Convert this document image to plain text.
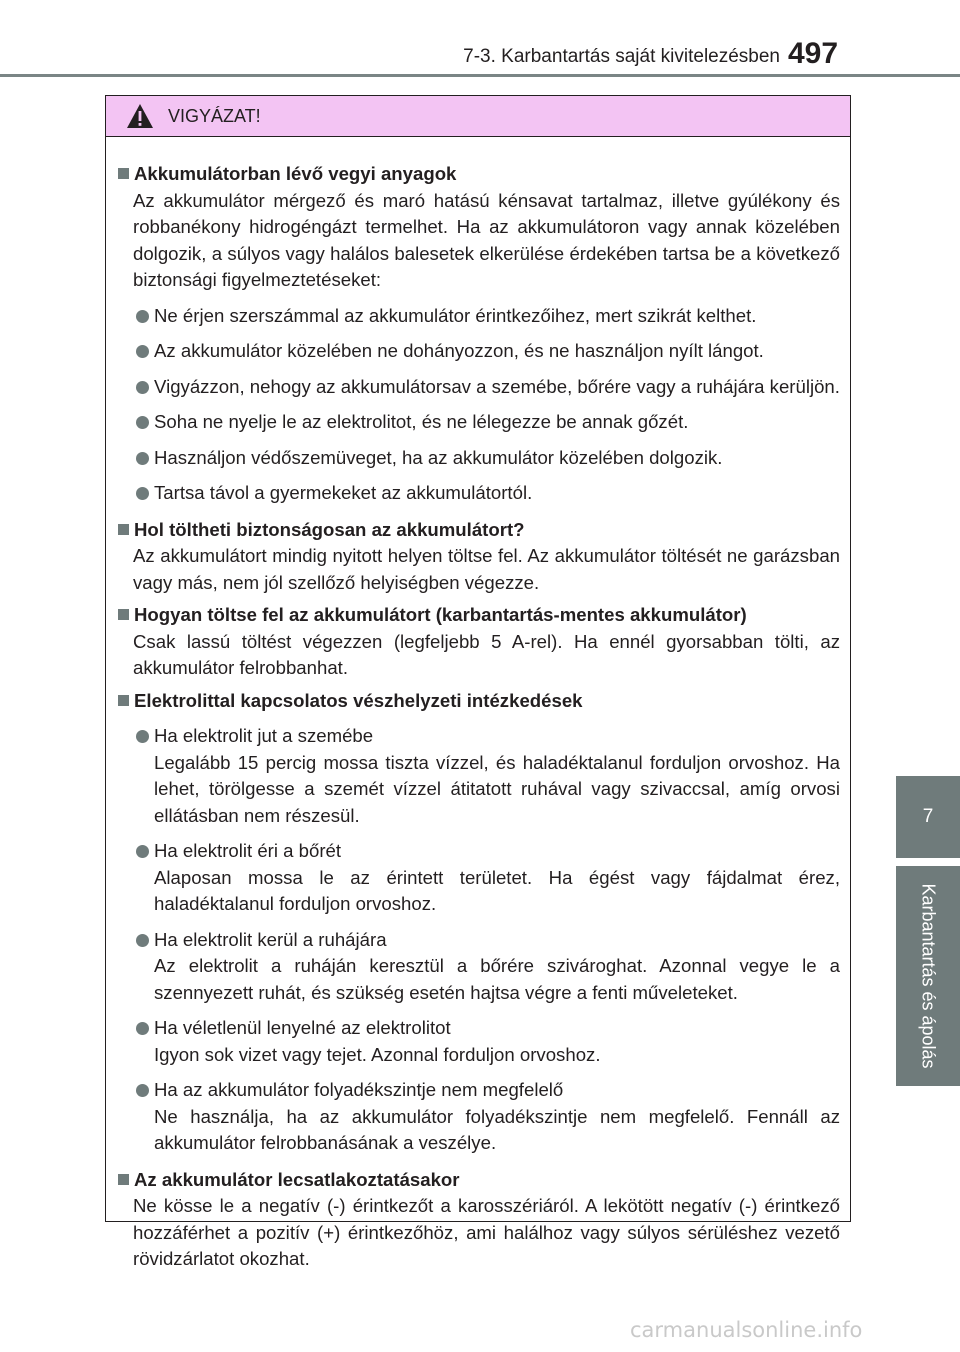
7-3. Karbantartás saját kivitelezésben 497
7
Karbantartás és ápolás
VIGYÁZAT!
Akkumulátorban lévő vegyi anyagok
Az akkumulátor mérgező és maró hatású kénsavat tartalmaz, illetve gyúlékony és robbanékony hidrogéngázt termelhet. Ha az akkumulátoron vagy annak közelében dolgozik, a súlyos vagy halálos balesetek elkerülése érdekében tartsa be a következő biztonsági figyelmeztetéseket:
Ne érjen szerszámmal az akkumulátor érintkezőihez, mert szikrát kelthet.
Az akkumulátor közelében ne dohányozzon, és ne használjon nyílt lángot.
Vigyázzon, nehogy az akkumulátorsav a szemébe, bőrére vagy a ruhájára kerüljön.
Soha ne nyelje le az elektrolitot, és ne lélegezze be annak gőzét.
Használjon védőszemüveget, ha az akkumulátor közelében dolgozik.
Tartsa távol a gyermekeket az akkumulátortól.
Hol töltheti biztonságosan az akkumulátort?
Az akkumulátort mindig nyitott helyen töltse fel. Az akkumulátor töltését ne garázsban vagy más, nem jól szellőző helyiségben végezze.
Hogyan töltse fel az akkumulátort (karbantartás-mentes akkumulátor)
Csak lassú töltést végezzen (legfeljebb 5 A-rel). Ha ennél gyorsabban tölti, az akkumulátor felrobbanhat.
Elektrolittal kapcsolatos vészhelyzeti intézkedések
Ha elektrolit jut a szemébe
Legalább 15 percig mossa tiszta vízzel, és haladéktalanul forduljon orvoshoz. Ha lehet, törölgesse a szemét vízzel átitatott ruhával vagy szivaccsal, amíg orvosi ellátásban nem részesül.
Ha elektrolit éri a bőrét
Alaposan mossa le az érintett területet. Ha égést vagy fájdalmat érez, haladéktalanul forduljon orvoshoz.
Ha elektrolit kerül a ruhájára
Az elektrolit a ruháján keresztül a bőrére szivároghat. Azonnal vegye le a szennyezett ruhát, és szükség esetén hajtsa végre a fenti műveleteket.
Ha véletlenül lenyelné az elektrolitot
Igyon sok vizet vagy tejet. Azonnal forduljon orvoshoz.
Ha az akkumulátor folyadékszintje nem megfelelő
Ne használja, ha az akkumulátor folyadékszintje nem megfelelő. Fennáll az akkumulátor felrobbanásának a veszélye.
Az akkumulátor lecsatlakoztatásakor
Ne kösse le a negatív (-) érintkezőt a karosszériáról. A lekötött negatív (-) érintkező hozzáférhet a pozitív (+) érintkezőhöz, ami halálhoz vagy súlyos sérüléshez vezető rövidzárlatot okozhat.
carmanualsonline.info
